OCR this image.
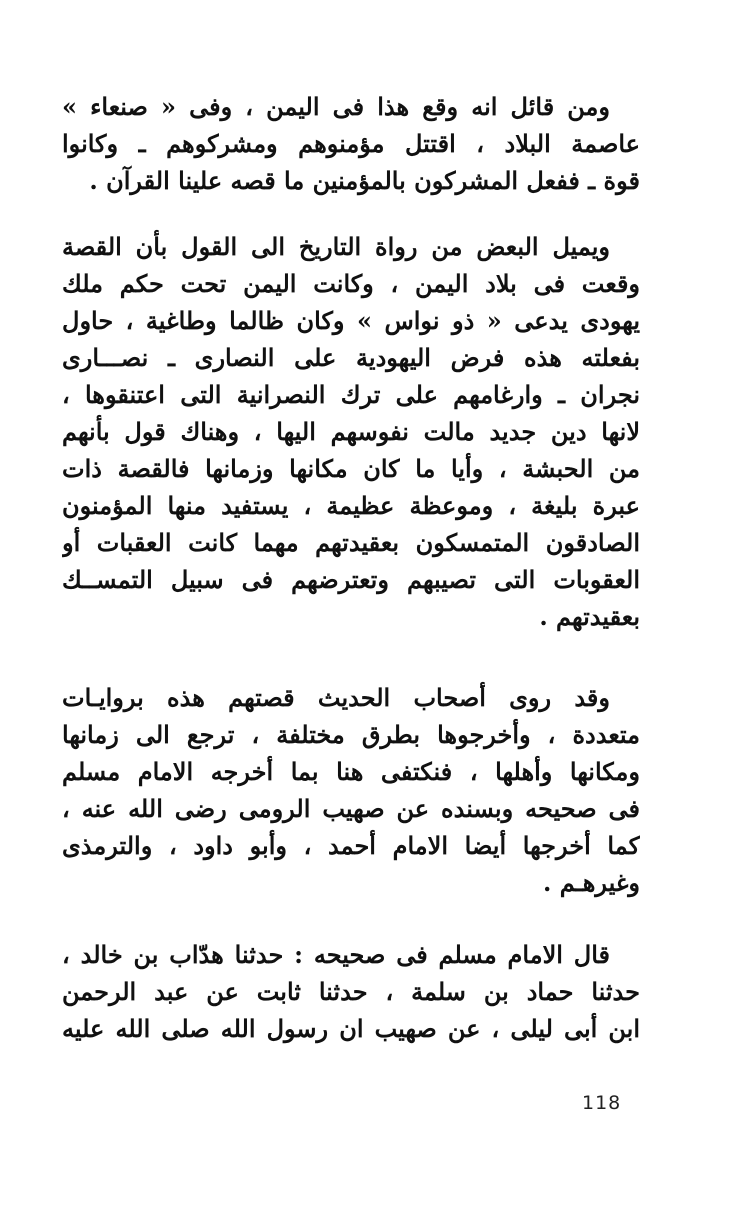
ومن قائل انه وقع هذا فى اليمن ، وفى « صنعاء »
عاصمة البلاد ، اقتتل مؤمنوهم ومشركوهم ـ وكانوا
قوة ـ ففعل المشركون بالمؤمنين ما قصه علينا القرآن .
ويميل البعض من رواة التاريخ الى القول بأن القصة
وقعت فى بلاد اليمن ، وكانت اليمن تحت حكم ملك
يهودى يدعى « ذو نواس » وكان ظالما وطاغية ، حاول
بفعلته هذه فرض اليهودية على النصارى ـ نصـــارى
نجران ـ وارغامهم على ترك النصرانية التى اعتنقوها ،
لانها دين جديد مالت نفوسهم اليها ، وهناك قول بأنهم
من الحبشة ، وأيا ما كان مكانها وزمانها فالقصة ذات
عبرة بليغة ، وموعظة عظيمة ، يستفيد منها المؤمنون
الصادقون المتمسكون بعقيدتهم مهما كانت العقبات أو
العقوبات التى تصيبهم وتعترضهم فى سبيل التمســك
بعقيدتهم .
وقد روى أصحاب الحديث قصتهم هذه بروايـات
متعددة ، وأخرجوها بطرق مختلفة ، ترجع الى زمانها
ومكانها وأهلها ، فنكتفى هنا بما أخرجه الامام مسلم
فى صحيحه وبسنده عن صهيب الرومى رضى الله عنه ،
كما أخرجها أيضا الامام أحمد ، وأبو داود ، والترمذى
وغيرهـم .
قال الامام مسلم فى صحيحه : حدثنا هدّاب بن خالد ،
حدثنا حماد بن سلمة ، حدثنا ثابت عن عبد الرحمن
ابن أبى ليلى ، عن صهيب ان رسول الله صلى الله عليه
118
